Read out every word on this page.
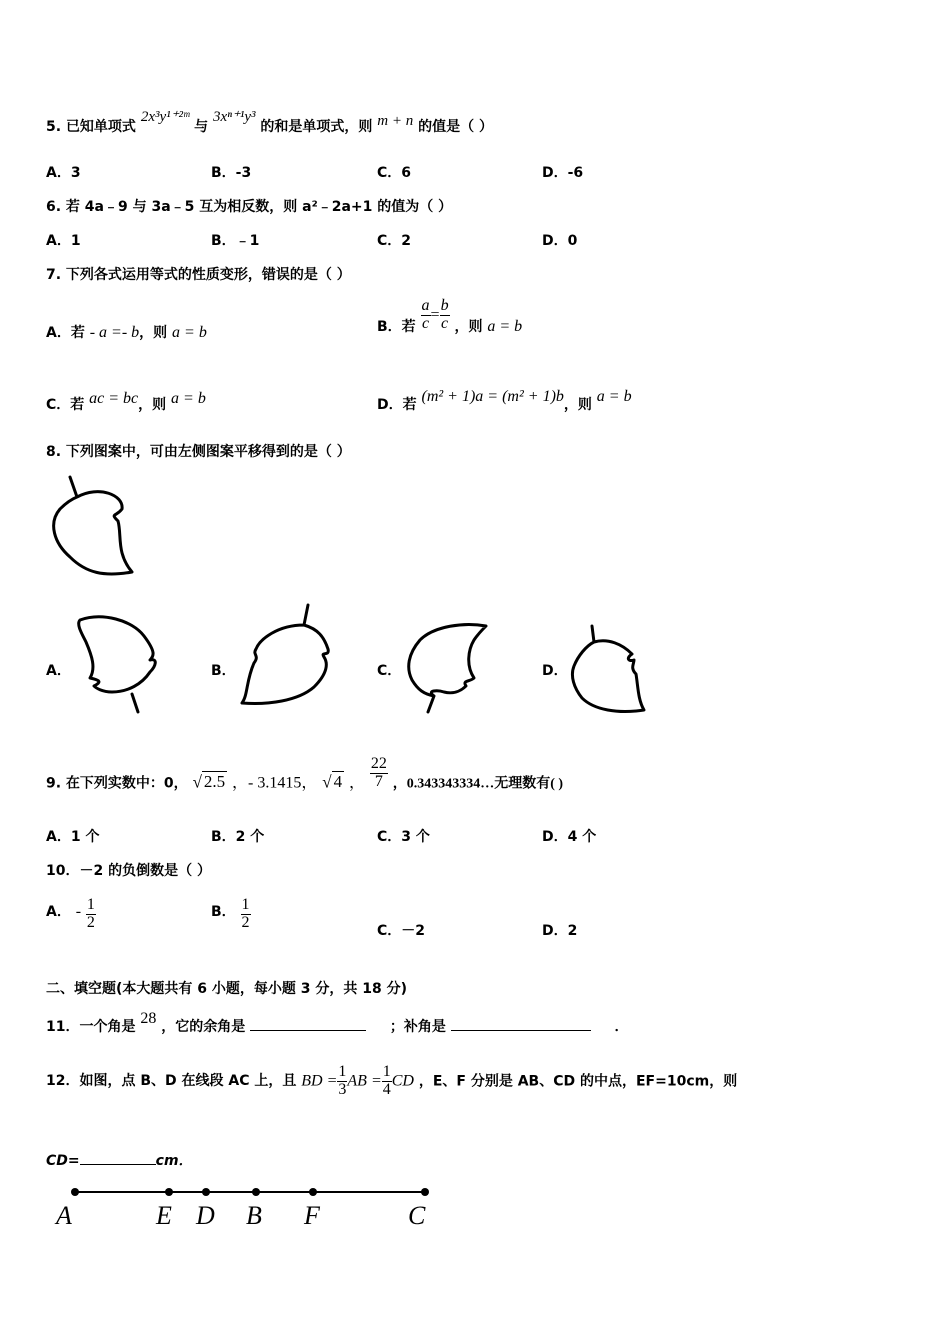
5. 已知单项式 2x³y¹⁺²ᵐ 与 3xⁿ⁺¹y³ 的和是单项式，则 m + n 的值是（ ）
A．3	B．-3	C．6	D．-6
6. 若 4a﹣9 与 3a﹣5 互为相反数，则 a²﹣2a+1 的值为（ ）
A．1	B．﹣1	C．2	D．0
7. 下列各式运用等式的性质变形，错误的是（ ）
A．若 - a =- b，则 a = b	B．若 $\frac{a}{c} = \frac{b}{c}$ ，则 a = b
C．若 ac = bc，则 a = b	D．若 (m² + 1)a = (m² + 1)b，则 a = b
8. 下列图案中，可由左侧图案平移得到的是（ ）
A．	B．	C．	D．
9. 在下列实数中：0， √ 2.5 ，- 3.1415， √ 4 ， $\frac{22}{7}$ ，0.343343334…无理数有( )
A．1 个	B．2 个	C．3 个	D．4 个
10．－2 的负倒数是（ ）
A． - $\frac{1}{2}$	B． $\frac{1}{2}$	C．－2	D．2
二、填空题(本大题共有 6 小题，每小题 3 分，共 18 分)
11．一个角是 28 ，它的余角是	；补角是	．
12．如图，点 B、D 在线段 AC 上，且 BD = $\frac{1}{3}$ AB = $\frac{1}{4}$ CD ，E、F 分别是 AB、CD 的中点，EF=10cm，则
CD=	cm．
A	E D B F	C
